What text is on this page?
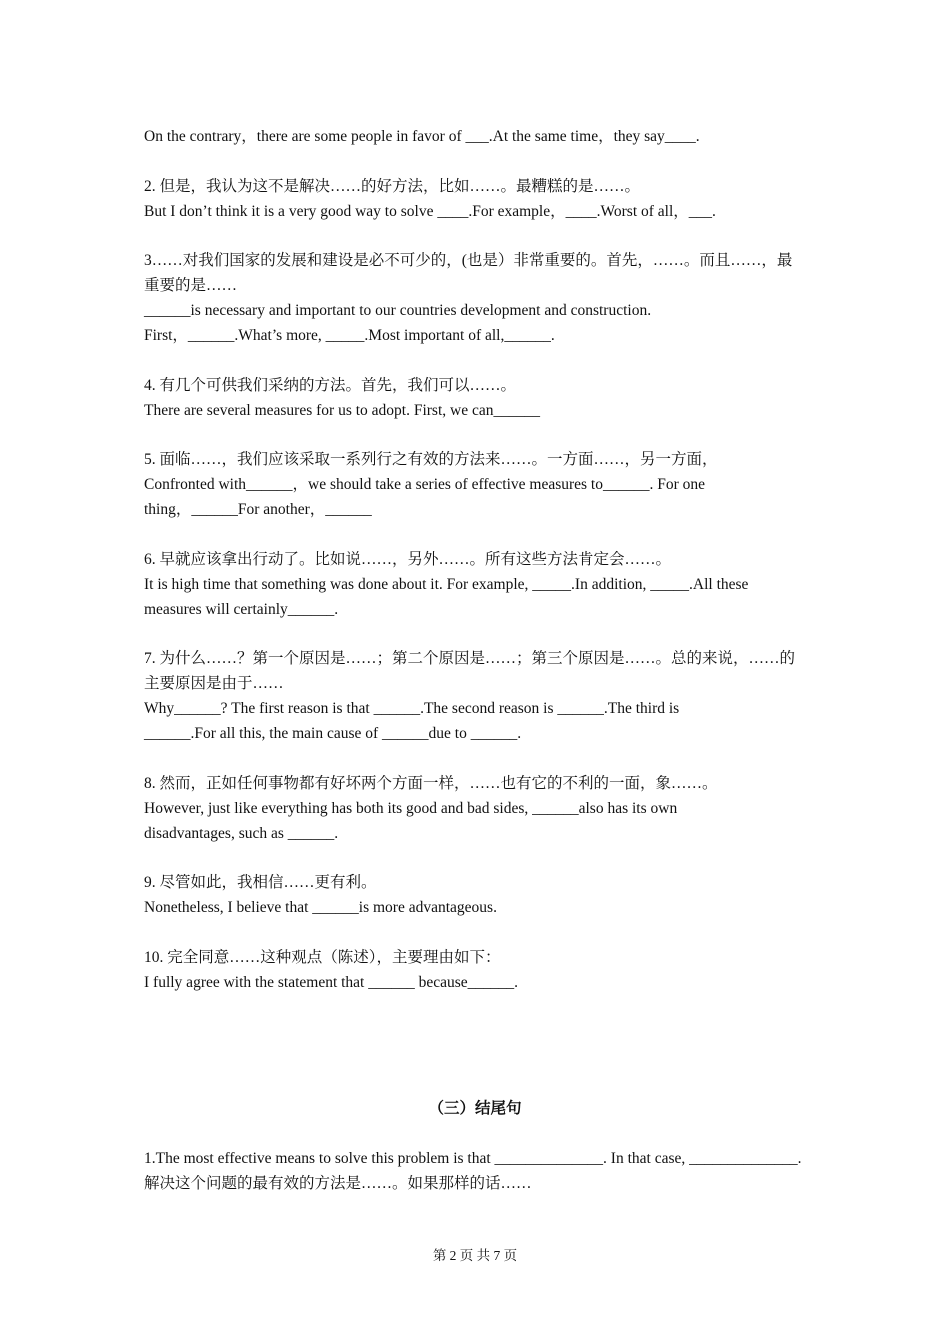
On the contrary，there are some people in favor of ___.At the same time，they say____.

2. 但是，我认为这不是解决……的好方法，比如……。最糟糕的是……。

But I don’t think it is a very good way to solve ____.For example，____.Worst of all，___.

3……对我们国家的发展和建设是必不可少的，(也是）非常重要的。首先，……。而且……，最重要的是……

______is necessary and important to our countries development and construction.

First，______.What’s more, _____.Most important of all,______.

4. 有几个可供我们采纳的方法。首先，我们可以……。

There are several measures for us to adopt. First, we can______

5. 面临……，我们应该采取一系列行之有效的方法来……。一方面……，另一方面，

Confronted with______，we should take a series of effective measures to______. For one

thing，______For another，______

6. 早就应该拿出行动了。比如说……，另外……。所有这些方法肯定会……。

It is high time that something was done about it. For example, _____.In addition, _____.All these

measures will certainly______.

7. 为什么……？第一个原因是……；第二个原因是……；第三个原因是……。总的来说，……的主要原因是由于……

Why______? The first reason is that ______.The second reason is ______.The third is

______.For all this, the main cause of ______due to ______.

8. 然而，正如任何事物都有好坏两个方面一样，……也有它的不利的一面，象……。

However, just like everything has both its good and bad sides, ______also has its own

disadvantages, such as ______.

9. 尽管如此，我相信……更有利。

Nonetheless, I believe that ______is more advantageous.

10. 完全同意……这种观点（陈述），主要理由如下：

I fully agree with the statement that ______ because______.

（三）结尾句

1.The most effective means to solve this problem is that ______________. In that case, ______________.

解决这个问题的最有效的方法是……。如果那样的话……

第 2 页 共 7 页
